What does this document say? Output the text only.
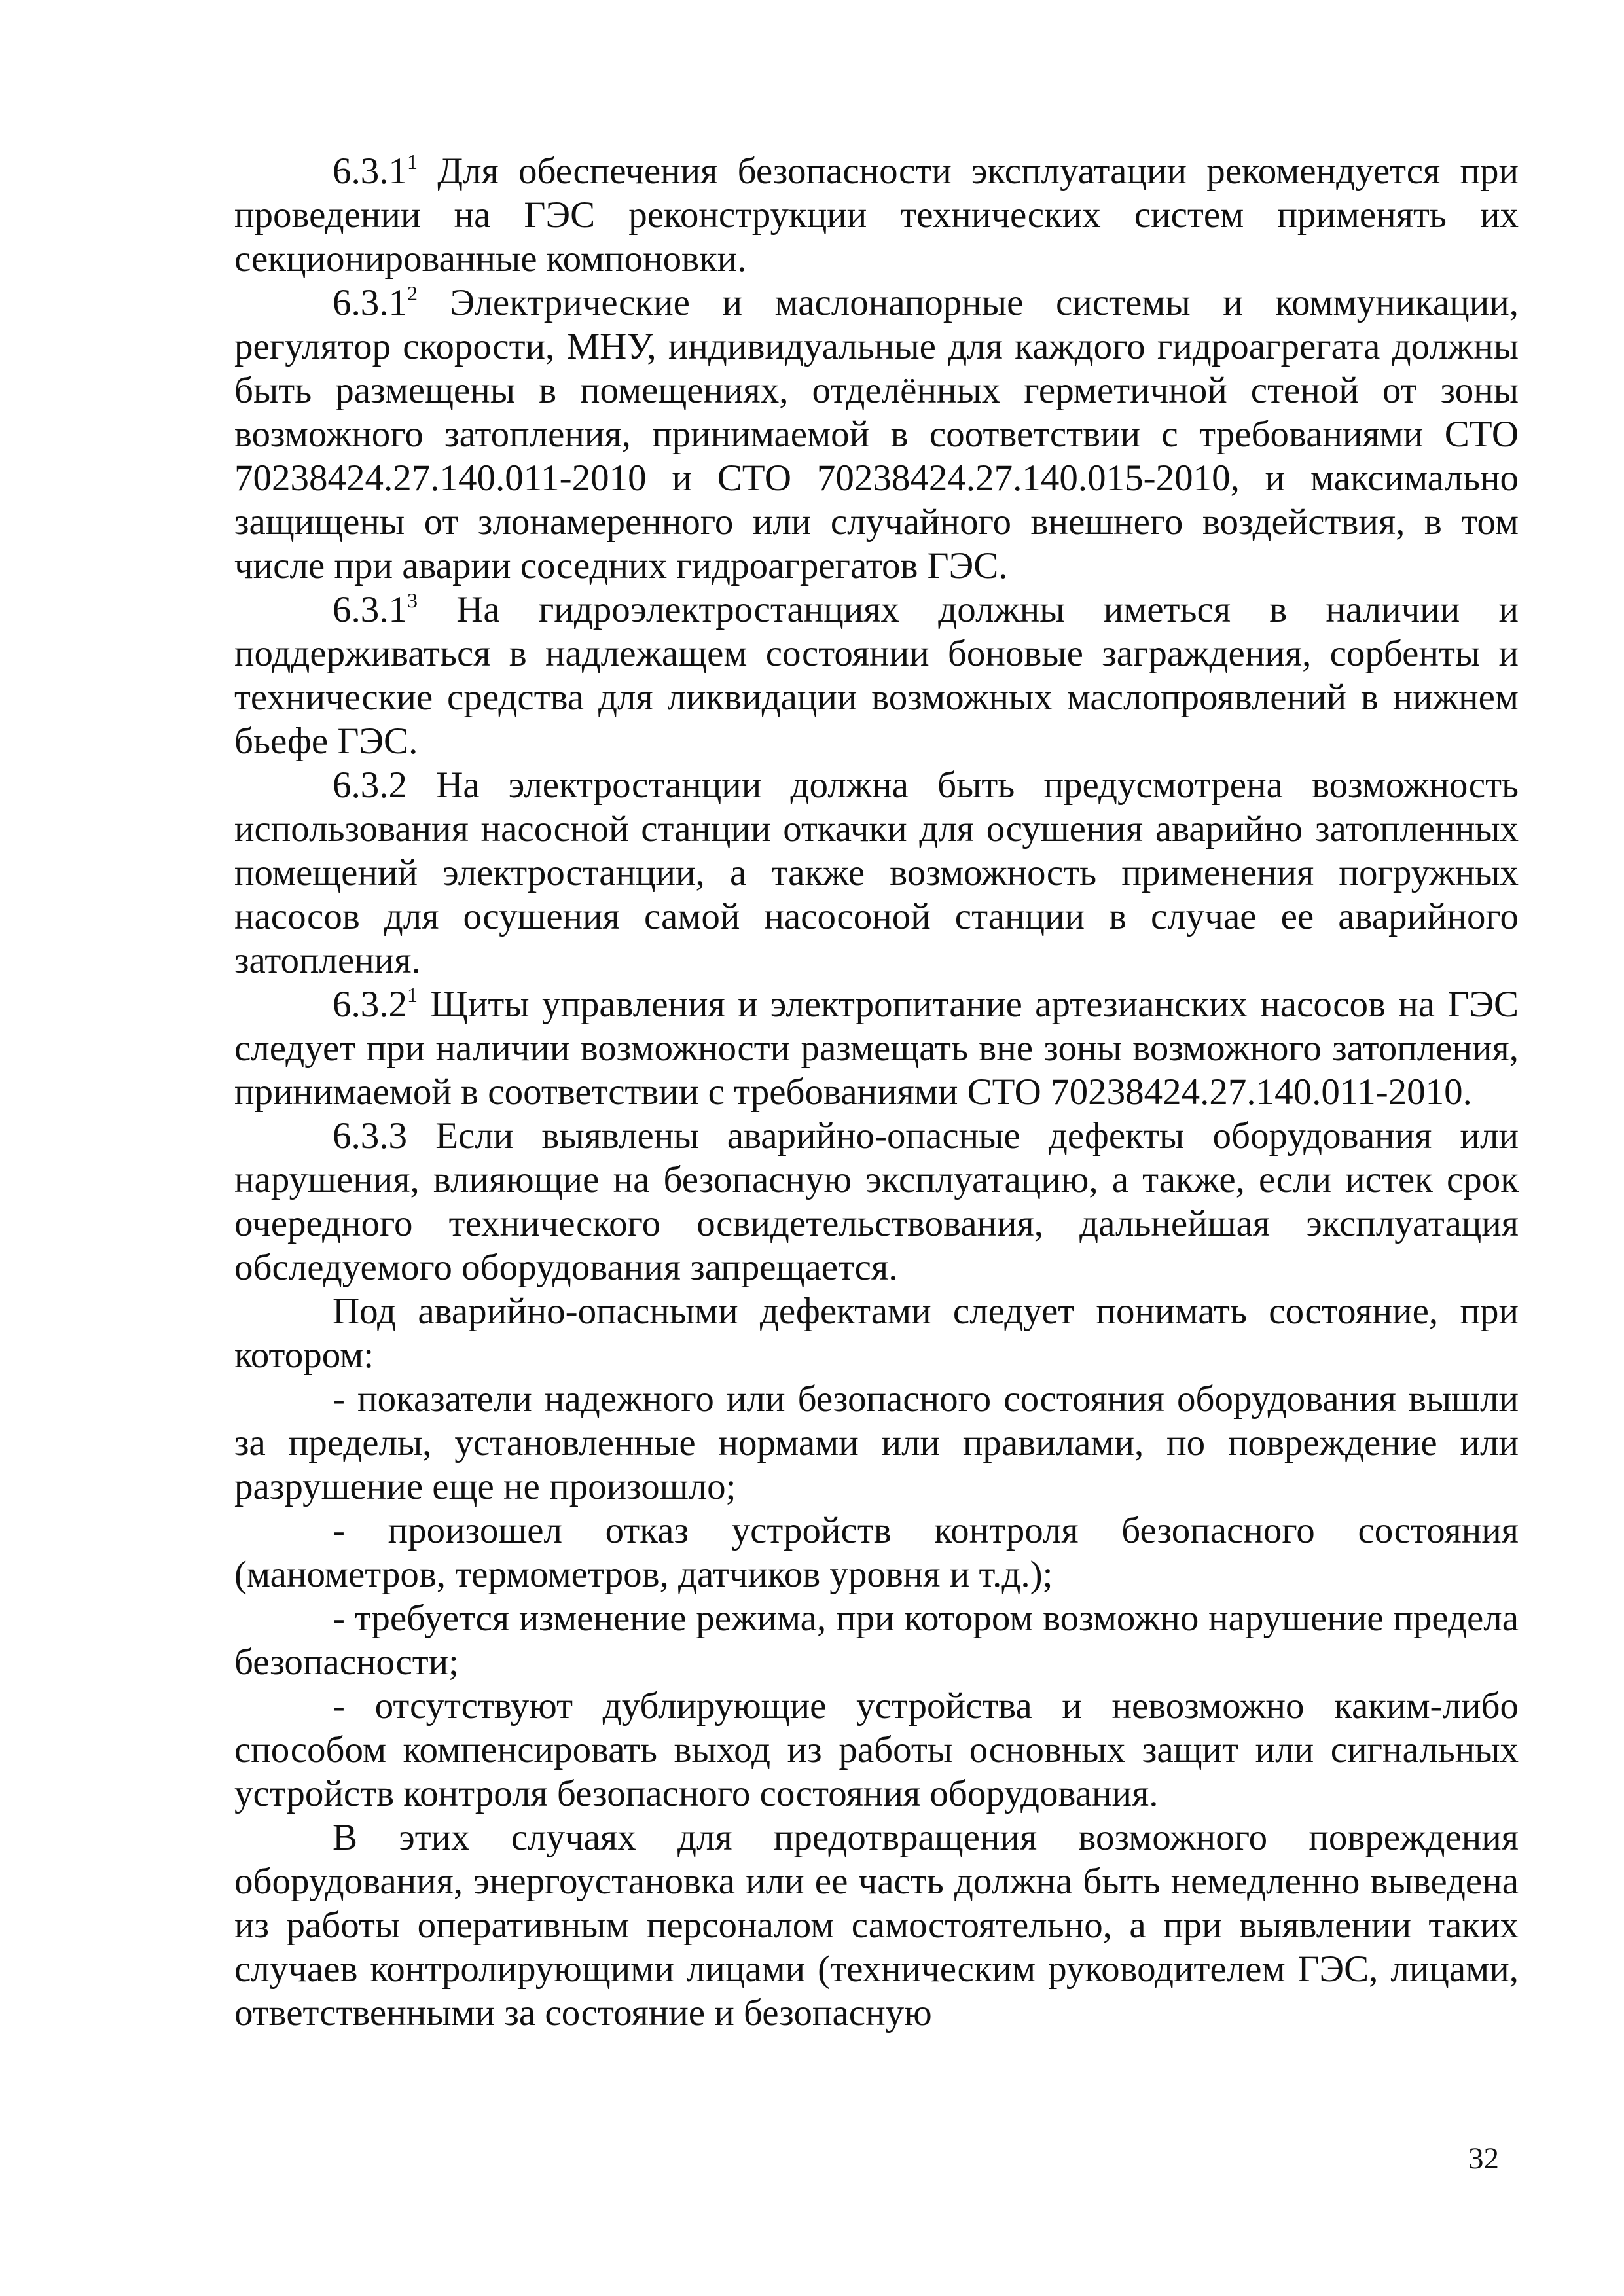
6.3.1$^1$ Для обеспечения безопасности эксплуатации рекомендуется при проведении на ГЭС реконструкции технических систем применять их секционированные компоновки.

6.3.1$^2$ Электрические и маслонапорные системы и коммуникации, регулятор скорости, МНУ, индивидуальные для каждого гидроагрегата должны быть размещены в помещениях, отделённых герметичной стеной от зоны возможного затопления, принимаемой в соответствии с требованиями СТО 70238424.27.140.011-2010 и СТО 70238424.27.140.015-2010, и максимально защищены от злонамеренного или случайного внешнего воздействия, в том числе при аварии соседних гидроагрегатов ГЭС.

6.3.1$^3$ На гидроэлектростанциях должны иметься в наличии и поддерживаться в надлежащем состоянии боновые заграждения, сорбенты и технические средства для ликвидации возможных маслопроявлений в нижнем бьефе ГЭС.

6.3.2 На электростанции должна быть предусмотрена возможность использования насосной станции откачки для осушения аварийно затопленных помещений электростанции, а также возможность применения погружных насосов для осушения самой насосоной станции в случае ее аварийного затопления.

6.3.2$^1$ Щиты управления и электропитание артезианских насосов на ГЭС следует при наличии возможности размещать вне зоны возможного затопления, принимаемой в соответствии с требованиями СТО 70238424.27.140.011-2010.

6.3.3 Если выявлены аварийно-опасные дефекты оборудования или нарушения, влияющие на безопасную эксплуатацию, а также, если истек срок очередного технического освидетельствования, дальнейшая эксплуатация обследуемого оборудования запрещается.

Под аварийно-опасными дефектами следует понимать состояние, при котором:

- показатели надежного или безопасного состояния оборудования вышли за пределы, установленные нормами или правилами, по повреждение или разрушение еще не произошло;

- произошел отказ устройств контроля безопасного состояния (манометров, термометров, датчиков уровня и т.д.);

- требуется изменение режима, при котором возможно нарушение предела безопасности;

- отсутствуют дублирующие устройства и невозможно каким-либо способом компенсировать выход из работы основных защит или сигнальных устройств контроля безопасного состояния оборудования.

В этих случаях для предотвращения возможного повреждения оборудования, энергоустановка или ее часть должна быть немедленно выведена из работы оперативным персоналом самостоятельно, а при выявлении таких случаев контролирующими лицами (техническим руководителем ГЭС, лицами, ответственными за состояние и безопасную

32
